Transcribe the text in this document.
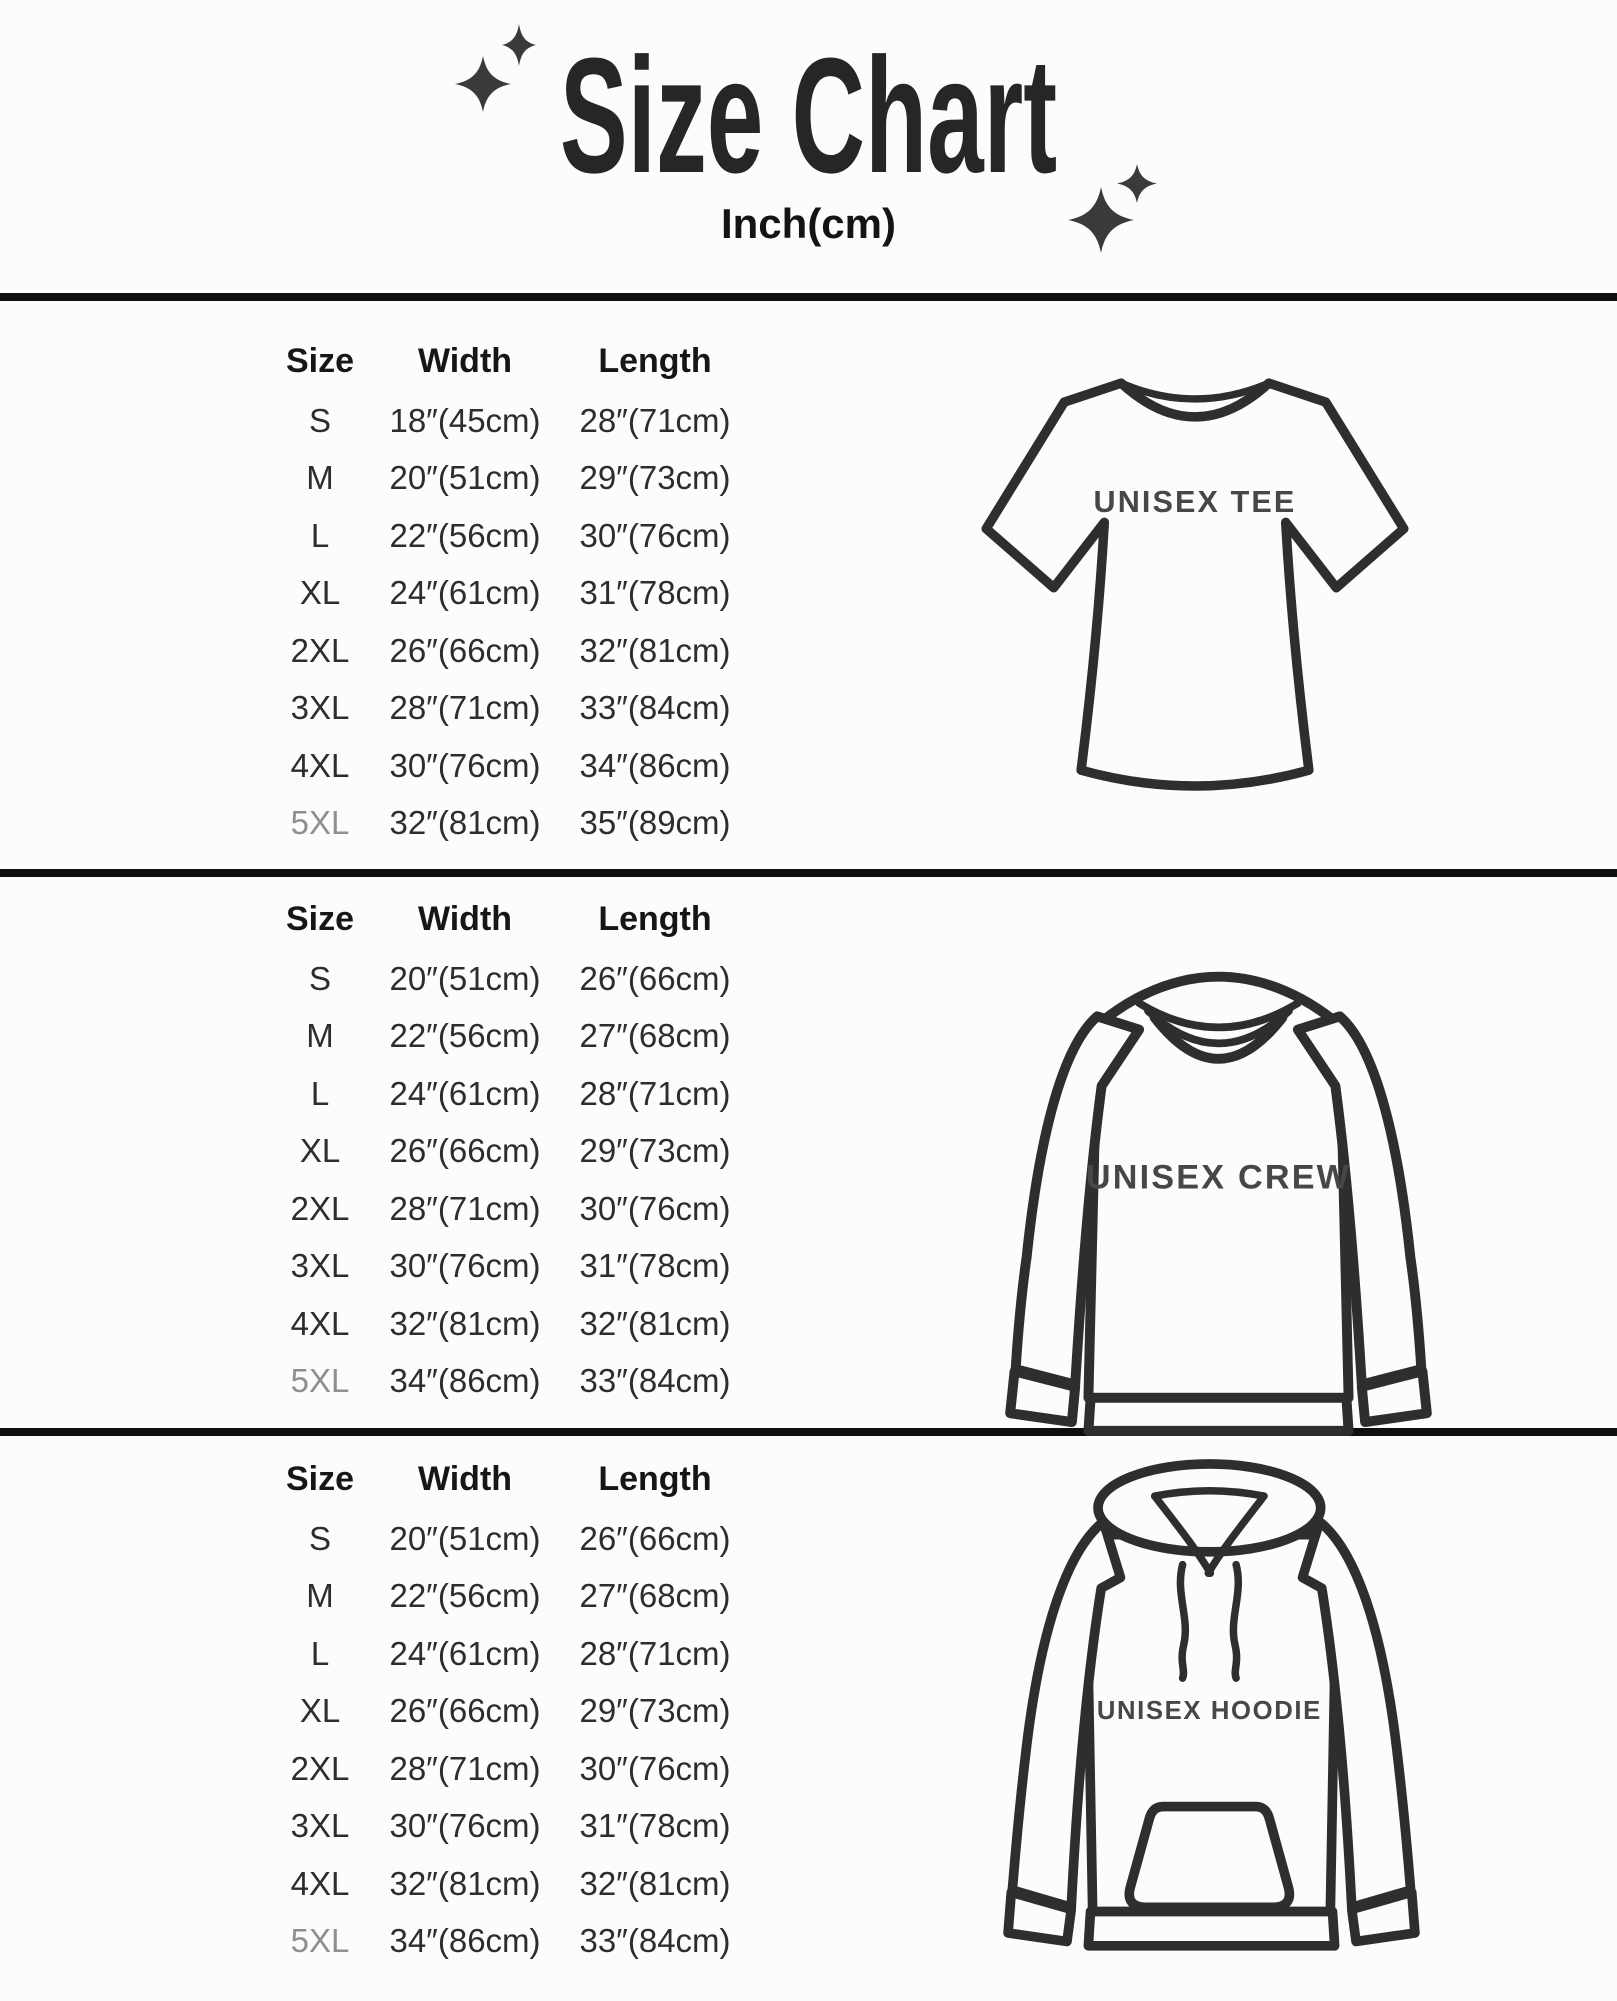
Size Chart
Inch(cm)
Size	Width	Length
S	18″(45cm)	28″(71cm)
M	20″(51cm)	29″(73cm)
L	22″(56cm)	30″(76cm)
XL	24″(61cm)	31″(78cm)
2XL	26″(66cm)	32″(81cm)
3XL	28″(71cm)	33″(84cm)
4XL	30″(76cm)	34″(86cm)
5XL	32″(81cm)	35″(89cm)
UNISEX TEE
Size	Width	Length
S	20″(51cm)	26″(66cm)
M	22″(56cm)	27″(68cm)
L	24″(61cm)	28″(71cm)
XL	26″(66cm)	29″(73cm)
2XL	28″(71cm)	30″(76cm)
3XL	30″(76cm)	31″(78cm)
4XL	32″(81cm)	32″(81cm)
5XL	34″(86cm)	33″(84cm)
UNISEX CREW
Size	Width	Length
S	20″(51cm)	26″(66cm)
M	22″(56cm)	27″(68cm)
L	24″(61cm)	28″(71cm)
XL	26″(66cm)	29″(73cm)
2XL	28″(71cm)	30″(76cm)
3XL	30″(76cm)	31″(78cm)
4XL	32″(81cm)	32″(81cm)
5XL	34″(86cm)	33″(84cm)
UNISEX HOODIE
